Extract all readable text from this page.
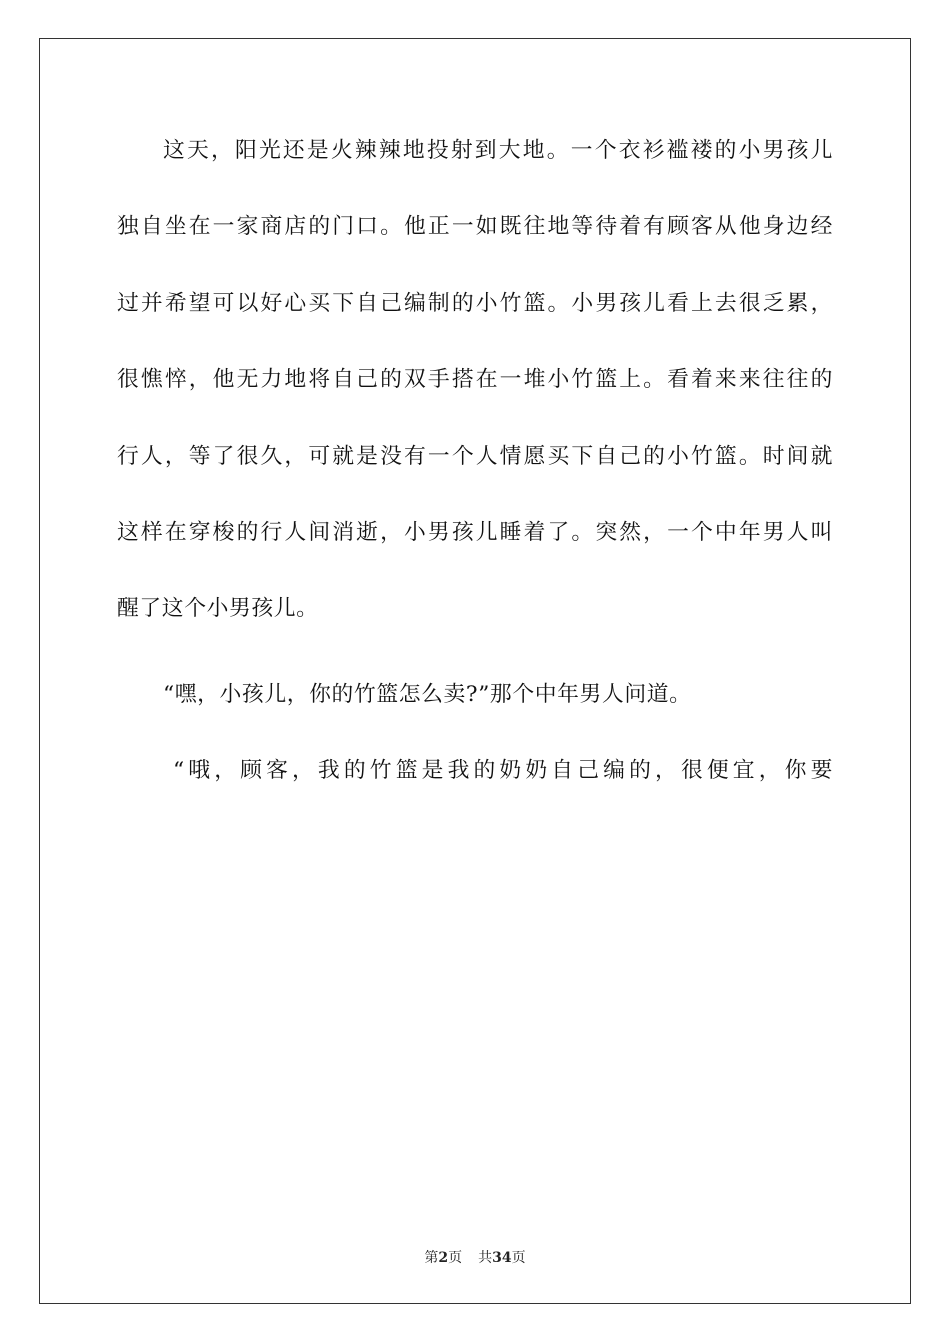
这天，阳光还是火辣辣地投射到大地。一个衣衫褴褛的小男孩儿
独自坐在一家商店的门口。他正一如既往地等待着有顾客从他身边经
过并希望可以好心买下自己编制的小竹篮。小男孩儿看上去很乏累，
很憔悴，他无力地将自己的双手搭在一堆小竹篮上。看着来来往往的
行人，等了很久，可就是没有一个人情愿买下自己的小竹篮。时间就
这样在穿梭的行人间消逝，小男孩儿睡着了。突然，一个中年男人叫
醒了这个小男孩儿。
“嘿，小孩儿，你的竹篮怎么卖?”那个中年男人问道。
“哦，顾客，我的竹篮是我的奶奶自己编的，很便宜，你要
第2页 共34页
